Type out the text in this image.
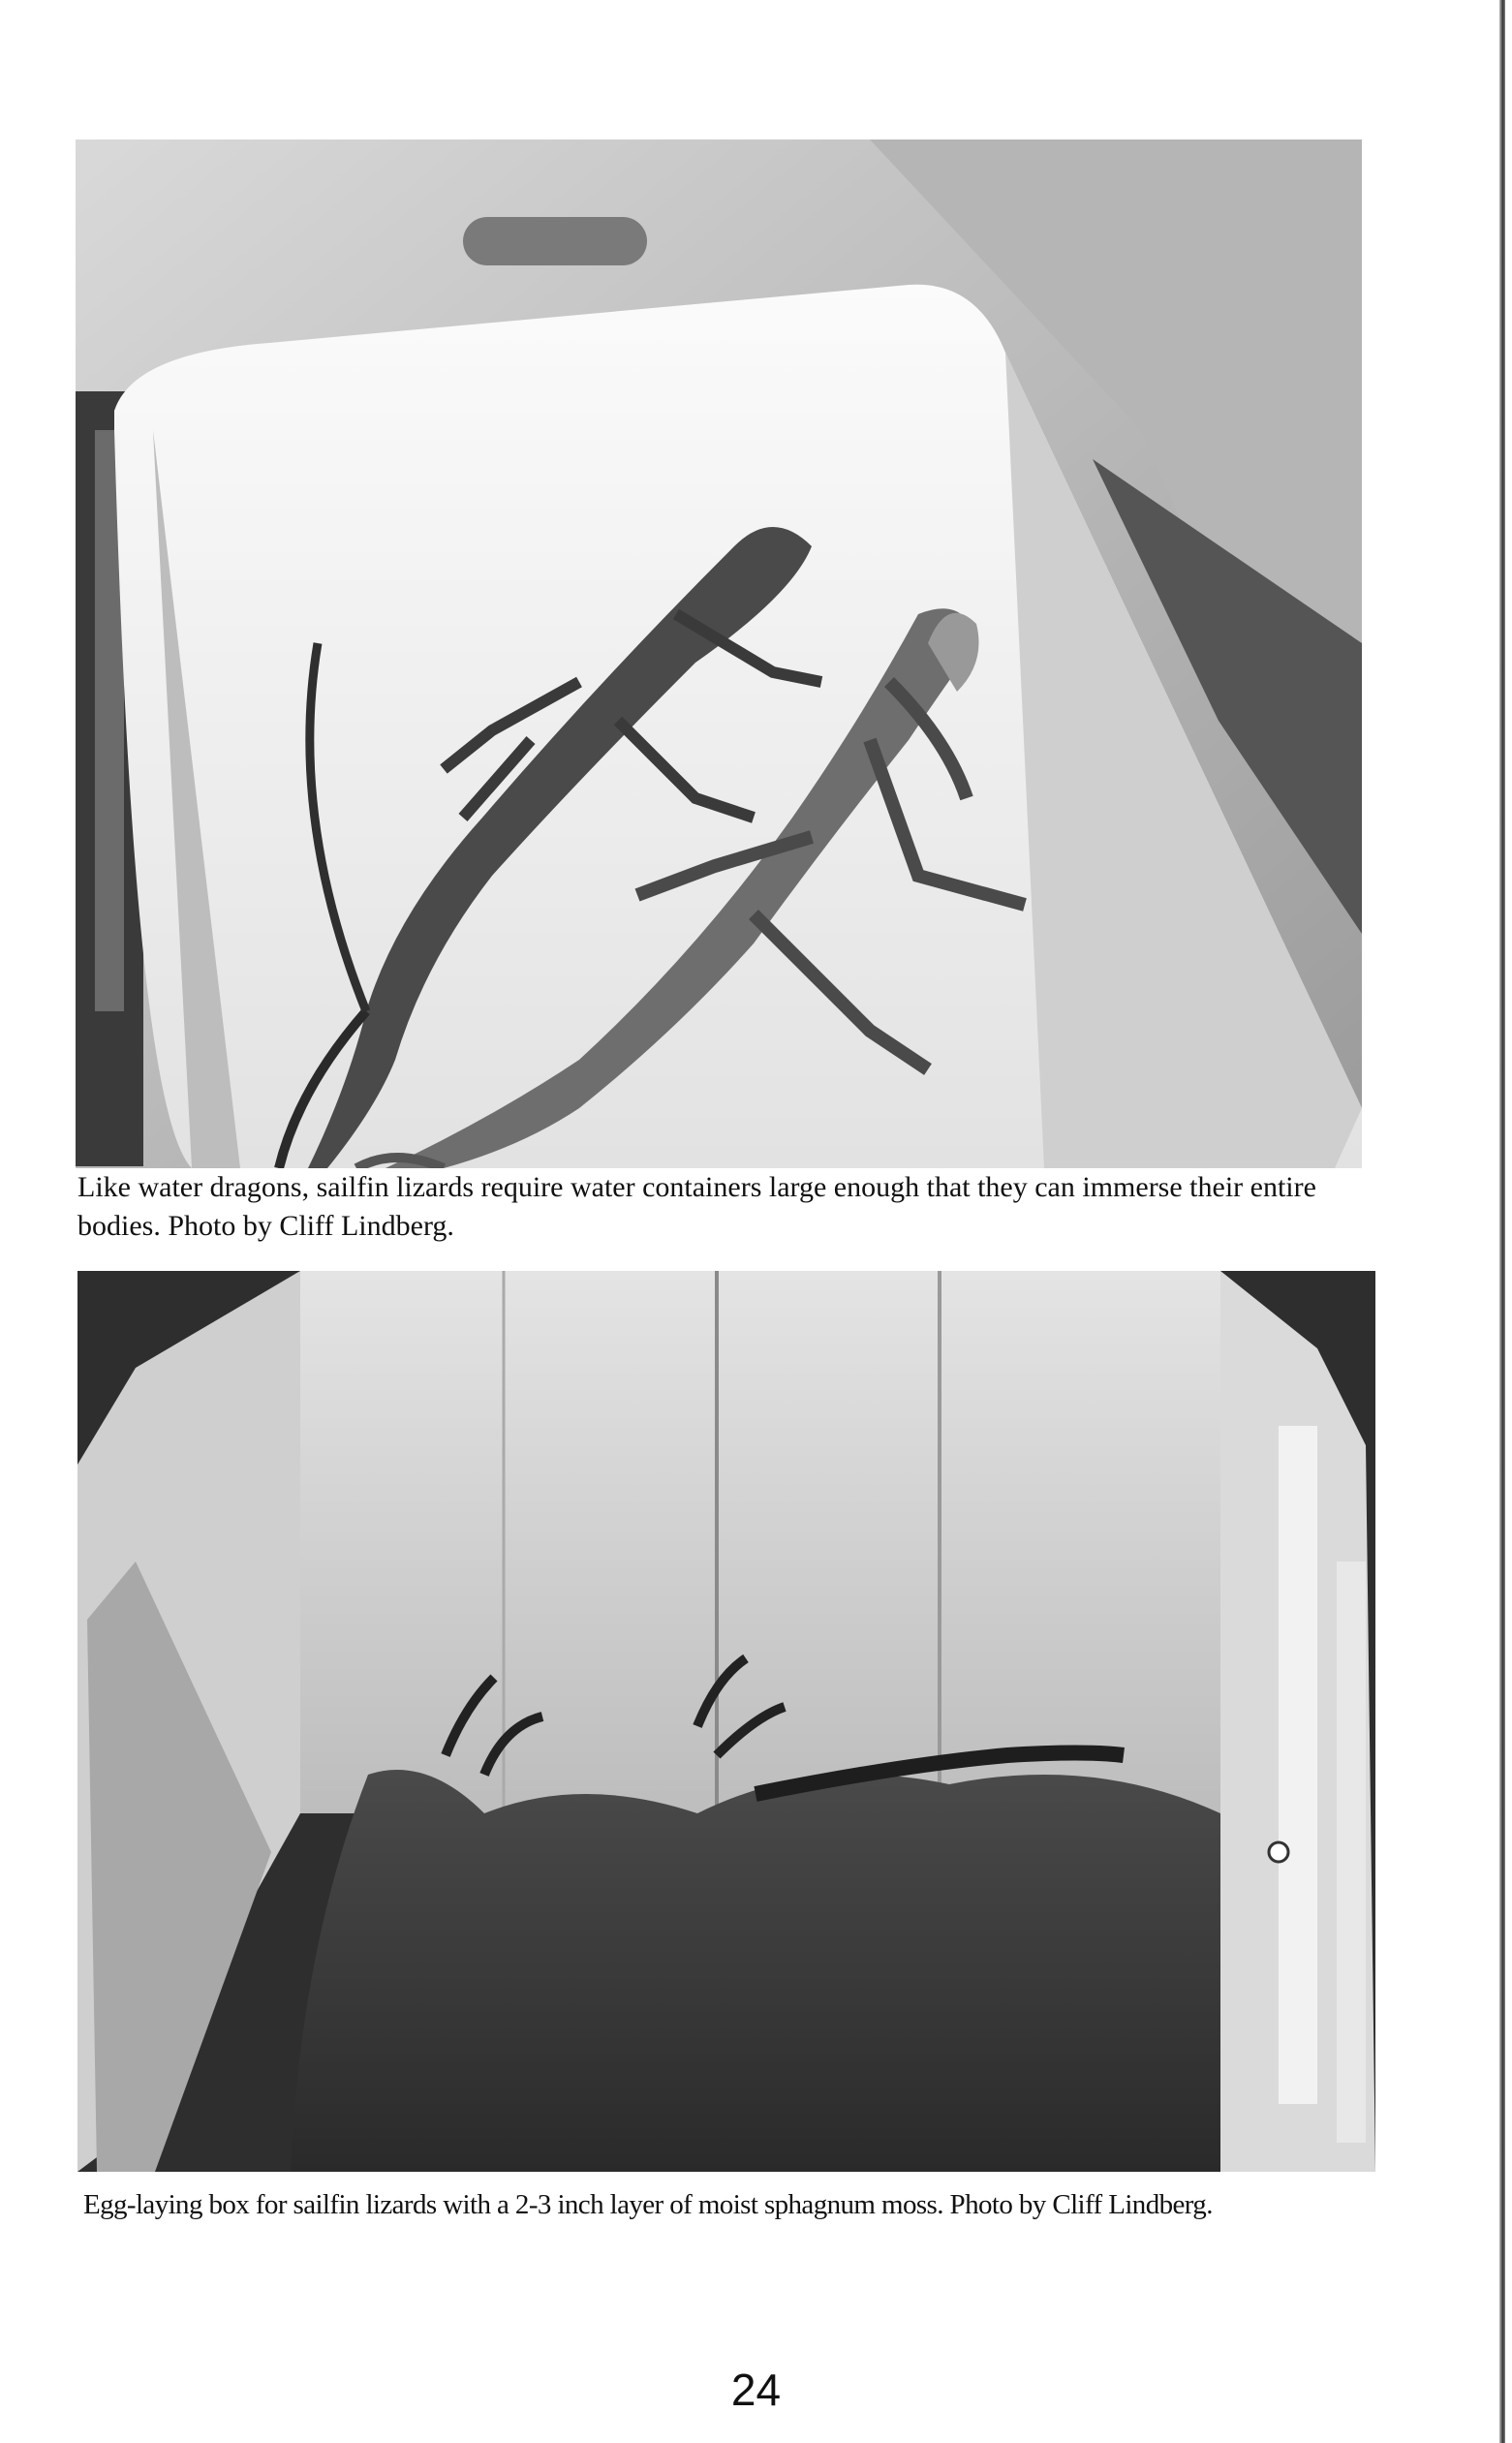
Like water dragons, sailfin lizards require water containers large enough that they can immerse their entire bodies. Photo by Cliff Lindberg.

Egg-laying box for sailfin lizards with a 2-3 inch layer of moist sphagnum moss. Photo by Cliff Lindberg.

24
